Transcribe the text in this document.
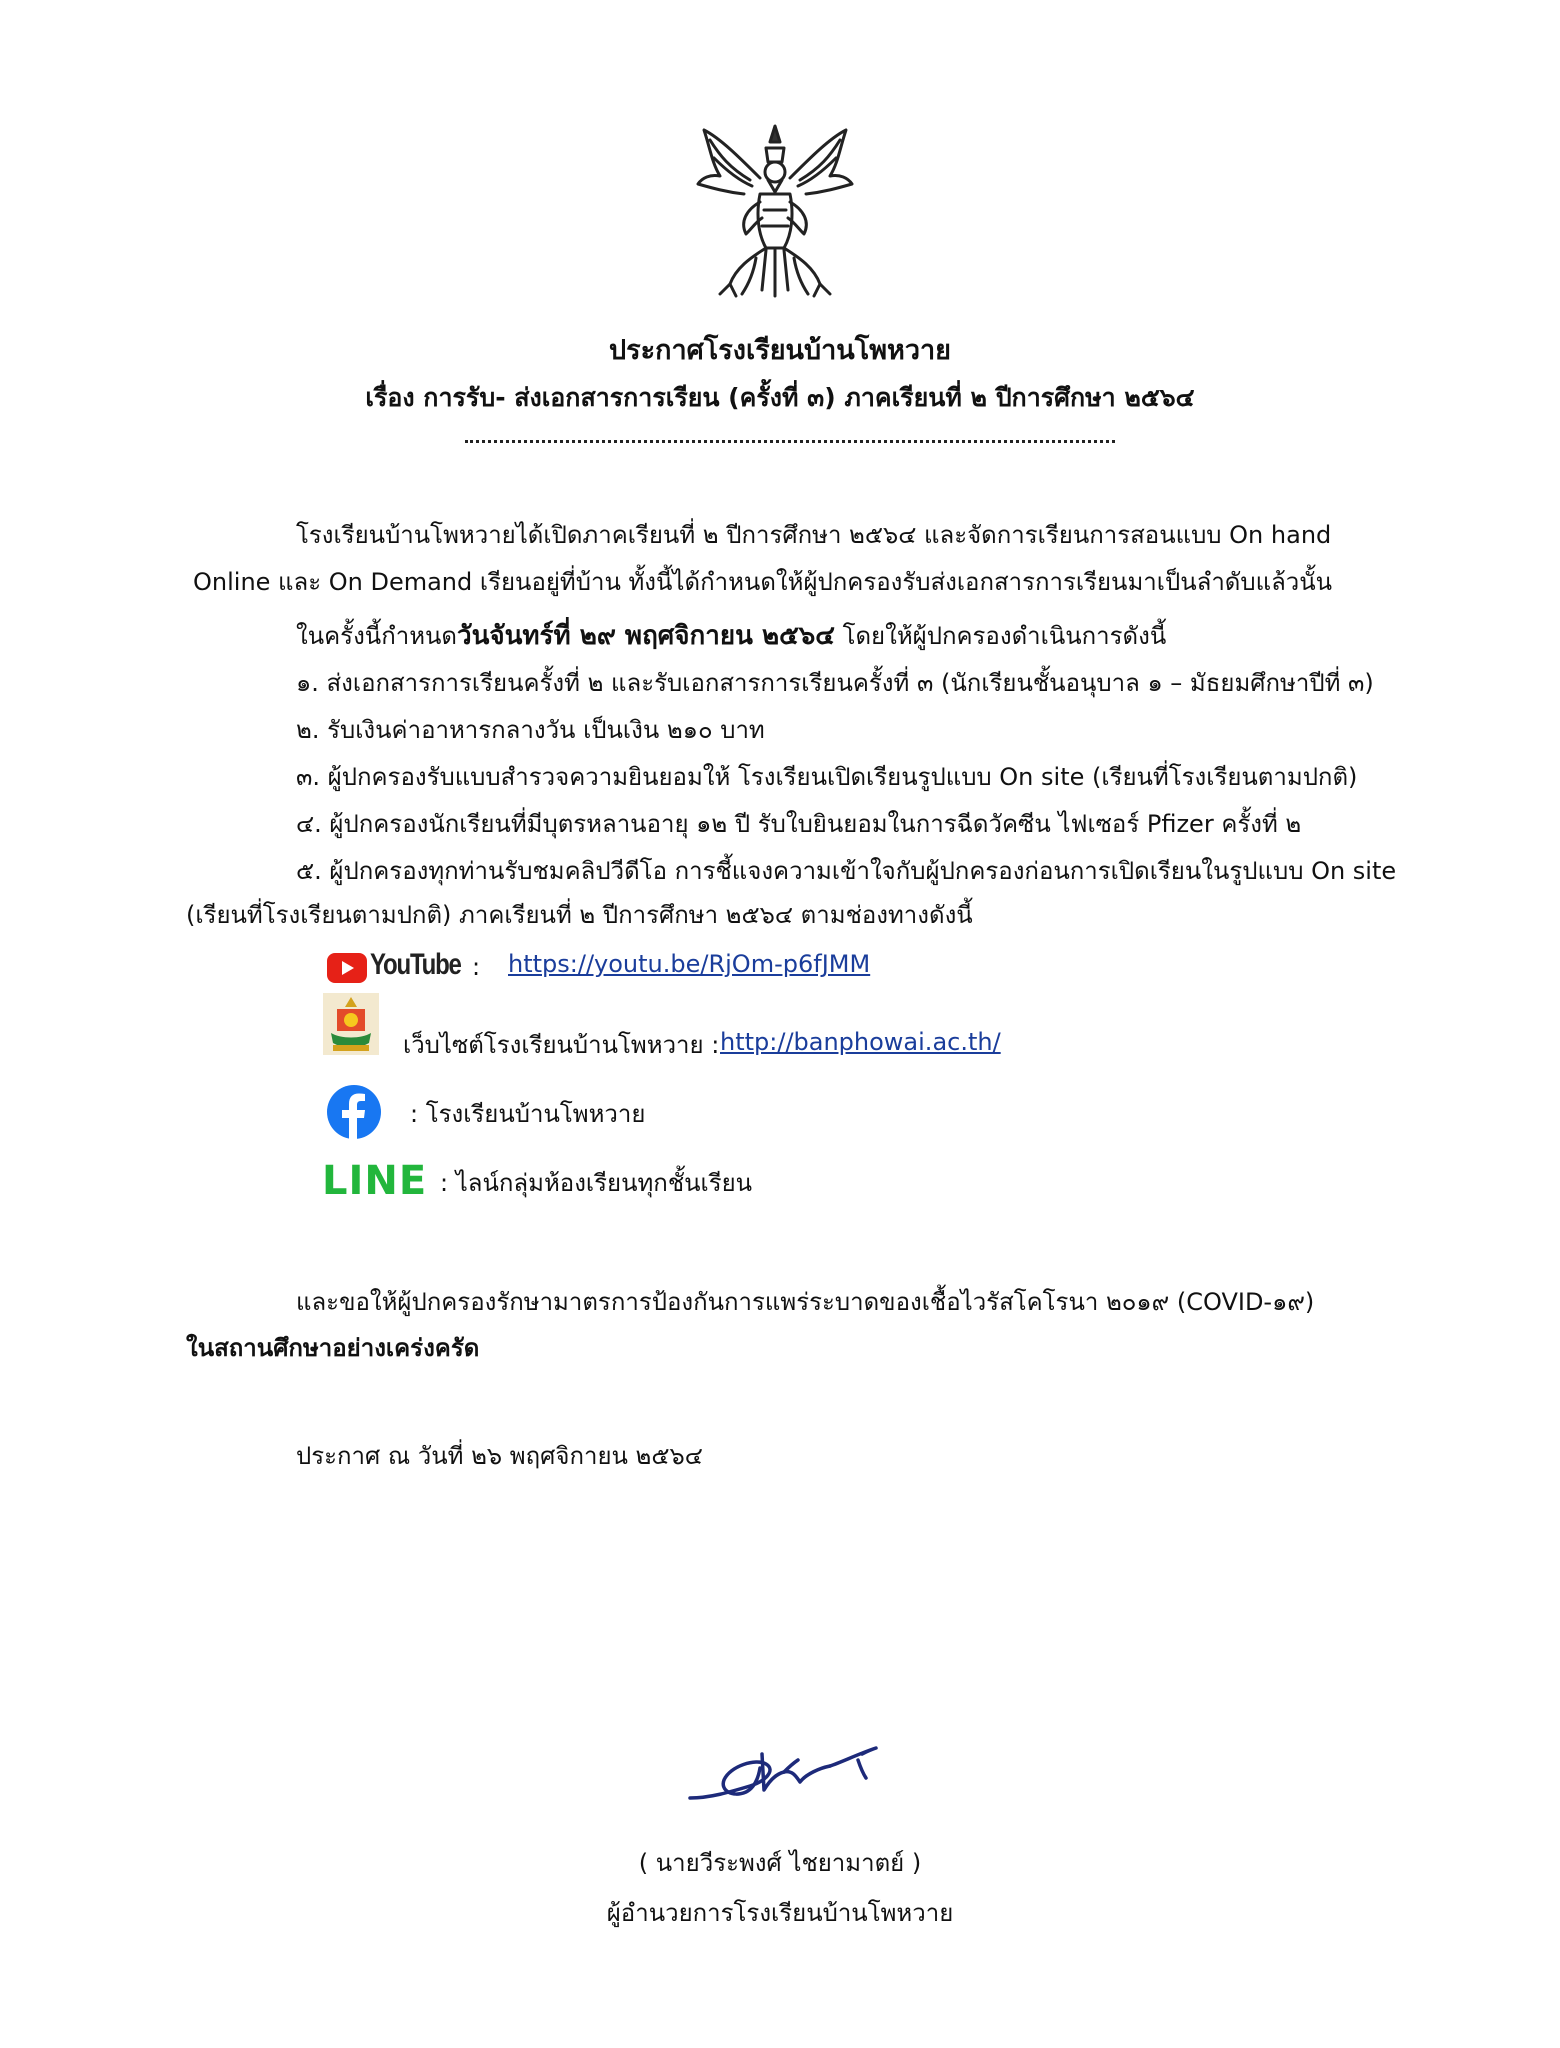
ประกาศโรงเรียนบ้านโพหวาย
เรื่อง การรับ- ส่งเอกสารการเรียน (ครั้งที่ ๓) ภาคเรียนที่ ๒ ปีการศึกษา ๒๕๖๔
โรงเรียนบ้านโพหวายได้เปิดภาคเรียนที่ ๒ ปีการศึกษา ๒๕๖๔ และจัดการเรียนการสอนแบบ On hand
Online และ On Demand เรียนอยู่ที่บ้าน ทั้งนี้ได้กำหนดให้ผู้ปกครองรับส่งเอกสารการเรียนมาเป็นลำดับแล้วนั้น
ในครั้งนี้กำหนดวันจันทร์ที่ ๒๙ พฤศจิกายน ๒๕๖๔ โดยให้ผู้ปกครองดำเนินการดังนี้
๑. ส่งเอกสารการเรียนครั้งที่ ๒ และรับเอกสารการเรียนครั้งที่ ๓ (นักเรียนชั้นอนุบาล ๑ – มัธยมศึกษาปีที่ ๓)
๒. รับเงินค่าอาหารกลางวัน เป็นเงิน ๒๑๐ บาท
๓. ผู้ปกครองรับแบบสำรวจความยินยอมให้ โรงเรียนเปิดเรียนรูปแบบ On site (เรียนที่โรงเรียนตามปกติ)
๔. ผู้ปกครองนักเรียนที่มีบุตรหลานอายุ ๑๒ ปี รับใบยินยอมในการฉีดวัคซีน ไฟเซอร์ Pfizer ครั้งที่ ๒
๕. ผู้ปกครองทุกท่านรับชมคลิปวีดีโอ การชี้แจงความเข้าใจกับผู้ปกครองก่อนการเปิดเรียนในรูปแบบ On site
(เรียนที่โรงเรียนตามปกติ) ภาคเรียนที่ ๒ ปีการศึกษา ๒๕๖๔ ตามช่องทางดังนี้
YouTube : https://youtu.be/RjOm-p6fJMM
เว็บไซต์โรงเรียนบ้านโพหวาย : http://banphowai.ac.th/
: โรงเรียนบ้านโพหวาย
LINE : ไลน์กลุ่มห้องเรียนทุกชั้นเรียน
และขอให้ผู้ปกครองรักษามาตรการป้องกันการแพร่ระบาดของเชื้อไวรัสโคโรนา ๒๐๑๙ (COVID-๑๙)
ในสถานศึกษาอย่างเคร่งครัด
ประกาศ ณ วันที่ ๒๖ พฤศจิกายน ๒๕๖๔
( นายวีระพงศ์ ไชยามาตย์ )
ผู้อำนวยการโรงเรียนบ้านโพหวาย
